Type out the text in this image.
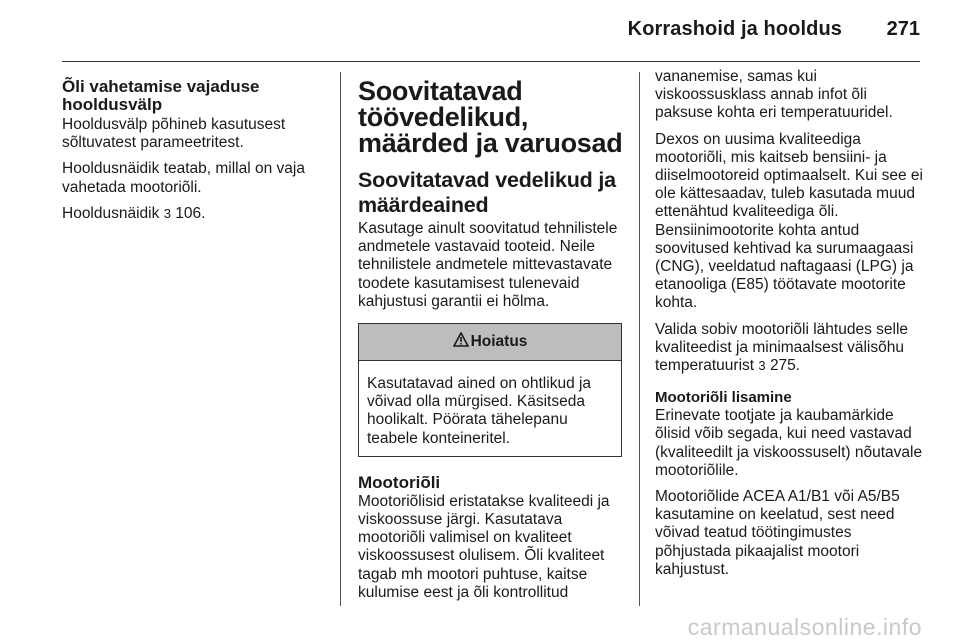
Korrashoid ja hooldus 271
Õli vahetamise vajaduse hooldusvälp

Hooldusvälp põhineb kasutusest sõltuvatest parameetritest.

Hooldusnäidik teatab, millal on vaja vahetada mootoriõli.

Hooldusnäidik 3 106.

Soovitatavad töövedelikud, määrded ja varuosad
Soovitatavad vedelikud ja määrdeained

Kasutage ainult soovitatud tehnilistele andmetele vastavaid tooteid. Neile tehnilistele andmetele mittevastavate toodete kasutamisest tulenevaid kahjustusi garantii ei hõlma.

Hoiatus
Kasutatavad ained on ohtlikud ja võivad olla mürgised. Käsitseda hoolikalt. Pöörata tähelepanu teabele konteineritel.
Mootoriõli

Mootoriõlisid eristatakse kvaliteedi ja viskoossuse järgi. Kasutatava mootoriõli valimisel on kvaliteet viskoossusest olulisem. Õli kvaliteet tagab mh mootori puhtuse, kaitse kulumise eest ja õli kontrollitud

vananemise, samas kui viskoossusklass annab infot õli paksuse kohta eri temperatuuridel.

Dexos on uusima kvaliteediga mootoriõli, mis kaitseb bensiini- ja diiselmootoreid optimaalselt. Kui see ei ole kättesaadav, tuleb kasutada muud ettenähtud kvaliteediga õli. Bensiinimootorite kohta antud soovitused kehtivad ka surumaagaasi (CNG), veeldatud naftagaasi (LPG) ja etanooliga (E85) töötavate mootorite kohta.

Valida sobiv mootoriõli lähtudes selle kvaliteedist ja minimaalsest välisõhu temperatuurist 3 275.

Mootoriõli lisamine

Erinevate tootjate ja kaubamärkide õlisid võib segada, kui need vastavad (kvaliteedilt ja viskoossuselt) nõutavale mootoriõlile.

Mootoriõlide ACEA A1/B1 või A5/B5 kasutamine on keelatud, sest need võivad teatud töötingimustes põhjustada pikaajalist mootori kahjustust.

carmanualsonline.info
